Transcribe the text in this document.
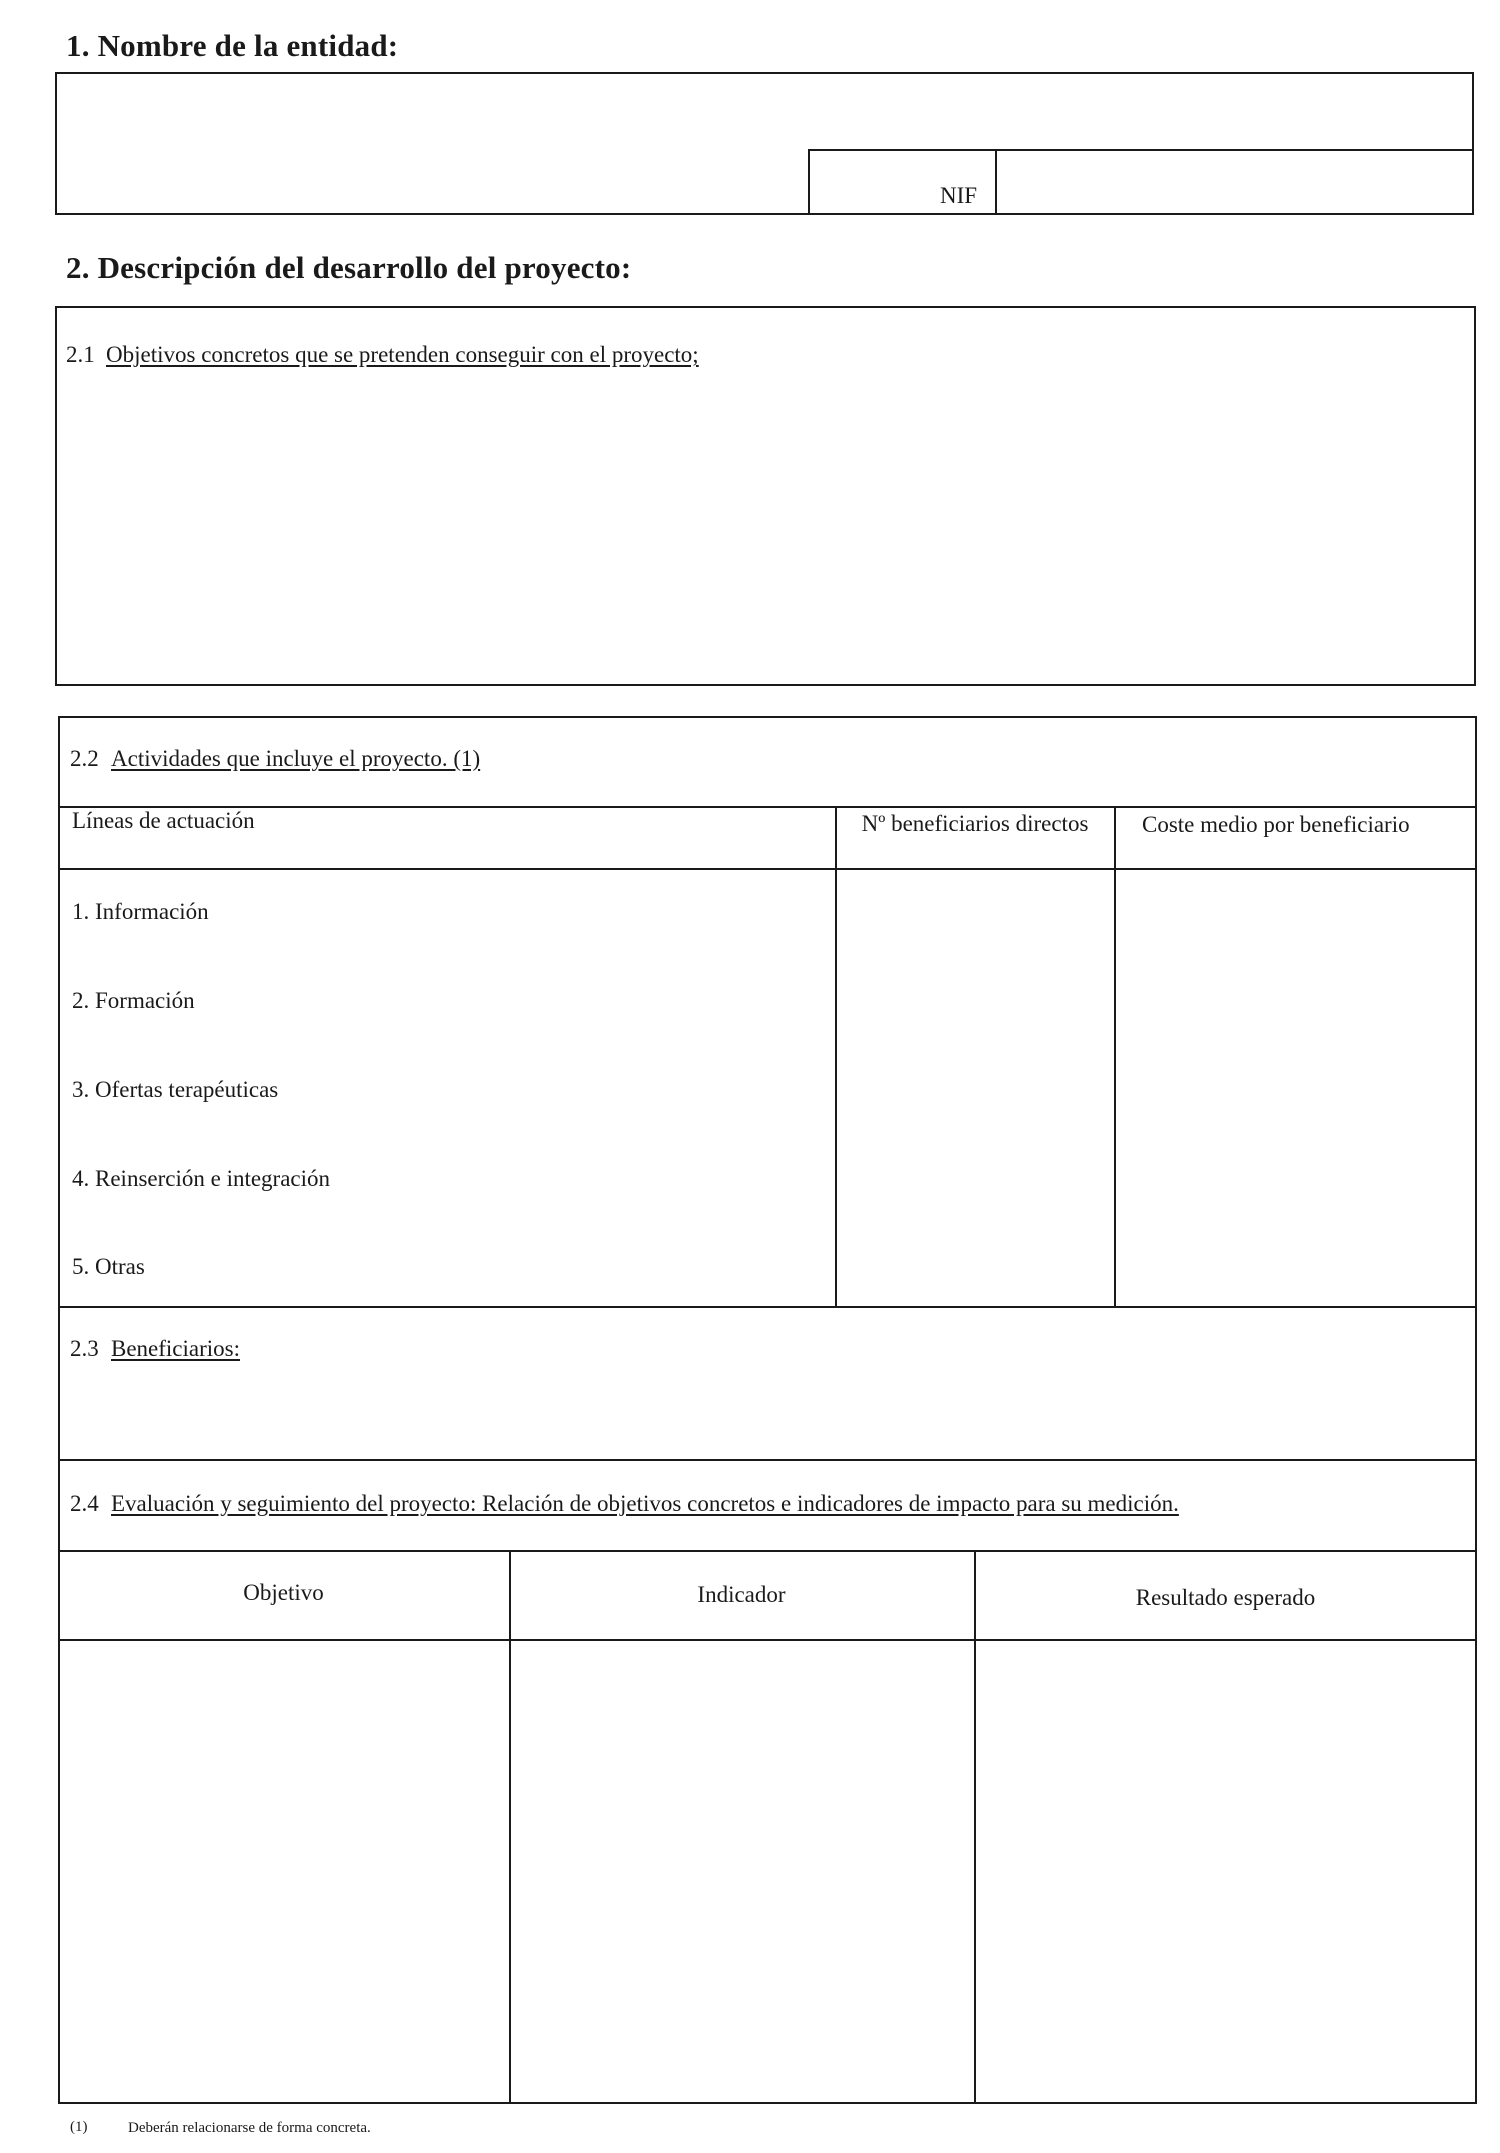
1. Nombre de la entidad:
NIF
2. Descripción del desarrollo del proyecto:
2.1 Objetivos concretos que se pretenden conseguir con el proyecto;
2.2 Actividades que incluye el proyecto. (1)
Líneas de actuación	Nº beneficiarios directos	Coste medio por beneficiario
1. Información
2. Formación
3. Ofertas terapéuticas
4. Reinserción e integración
5. Otras
2.3 Beneficiarios:
2.4 Evaluación y seguimiento del proyecto: Relación de objetivos concretos e indicadores de impacto para su medición.
Objetivo	Indicador	Resultado esperado
(1)	Deberán relacionarse de forma concreta.
